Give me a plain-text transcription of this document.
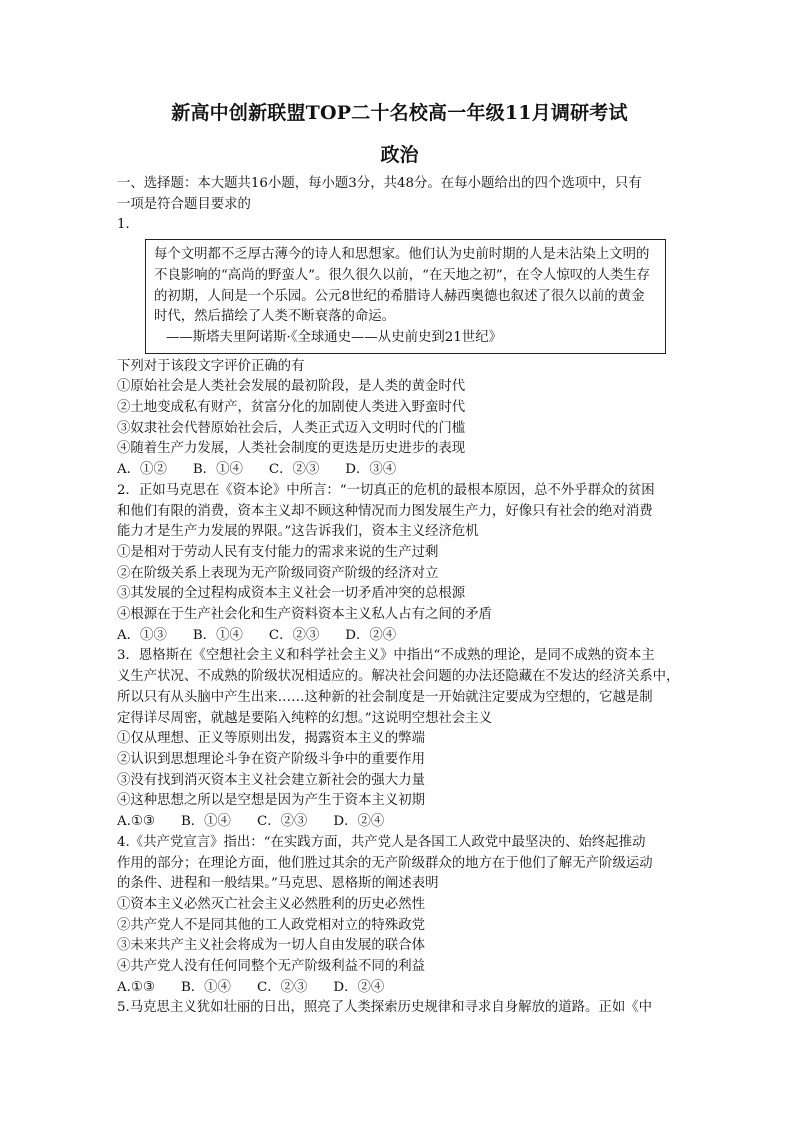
新高中创新联盟TOP二十名校高一年级11月调研考试
政治
一、选择题：本大题共16小题，每小题3分，共48分。在每小题给出的四个选项中，只有
一项是符合题目要求的
1．
每个文明都不乏厚古薄今的诗人和思想家。他们认为史前时期的人是未沾染上文明的
不良影响的“高尚的野蛮人”。很久很久以前，“在天地之初”，在令人惊叹的人类生存
的初期，人间是一个乐园。公元8世纪的希腊诗人赫西奥德也叙述了很久以前的黄金
时代，然后描绘了人类不断衰落的命运。
——斯塔夫里阿诺斯·《全球通史——从史前史到21世纪》
下列对于该段文字评价正确的有
①原始社会是人类社会发展的最初阶段，是人类的黄金时代
②土地变成私有财产，贫富分化的加剧使人类进入野蛮时代
③奴隶社会代替原始社会后，人类正式迈入文明时代的门槛
④随着生产力发展，人类社会制度的更迭是历史进步的表现
A．①② B．①④ C．②③ D．③④
2．正如马克思在《资本论》中所言：“一切真正的危机的最根本原因，总不外乎群众的贫困
和他们有限的消费，资本主义却不顾这种情况而力图发展生产力，好像只有社会的绝对消费
能力才是生产力发展的界限。”这告诉我们，资本主义经济危机
①是相对于劳动人民有支付能力的需求来说的生产过剩
②在阶级关系上表现为无产阶级同资产阶级的经济对立
③其发展的全过程构成资本主义社会一切矛盾冲突的总根源
④根源在于生产社会化和生产资料资本主义私人占有之间的矛盾
A．①③ B．①④ C．②③ D．②④
3．恩格斯在《空想社会主义和科学社会主义》中指出“不成熟的理论，是同不成熟的资本主
义生产状况、不成熟的阶级状况相适应的。解决社会问题的办法还隐藏在不发达的经济关系中，
所以只有从头脑中产生出来……这种新的社会制度是一开始就注定要成为空想的，它越是制
定得详尽周密，就越是要陷入纯粹的幻想。”这说明空想社会主义
①仅从理想、正义等原则出发，揭露资本主义的弊端
②认识到思想理论斗争在资产阶级斗争中的重要作用
③没有找到消灭资本主义社会建立新社会的强大力量
④这种思想之所以是空想是因为产生于资本主义初期
A.①③ B．①④ C．②③ D．②④
4.《共产党宣言》指出：“在实践方面，共产党人是各国工人政党中最坚决的、始终起推动
作用的部分；在理论方面，他们胜过其余的无产阶级群众的地方在于他们了解无产阶级运动
的条件、进程和一般结果。”马克思、恩格斯的阐述表明
①资本主义必然灭亡社会主义必然胜利的历史必然性
②共产党人不是同其他的工人政党相对立的特殊政党
③未来共产主义社会将成为一切人自由发展的联合体
④共产党人没有任何同整个无产阶级利益不同的利益
A.①③ B．①④ C．②③ D．②④
5.马克思主义犹如壮丽的日出，照亮了人类探索历史规律和寻求自身解放的道路。正如《中
